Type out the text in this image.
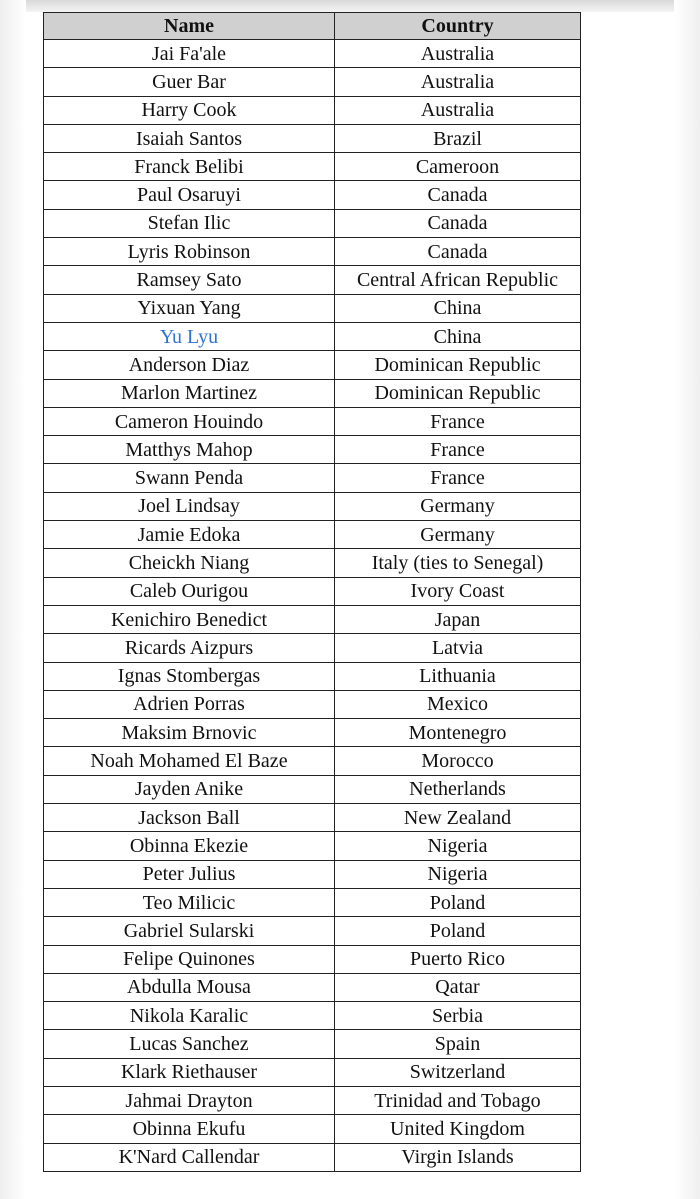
Name	Country
Jai Fa'ale	Australia
Guer Bar	Australia
Harry Cook	Australia
Isaiah Santos	Brazil
Franck Belibi	Cameroon
Paul Osaruyi	Canada
Stefan Ilic	Canada
Lyris Robinson	Canada
Ramsey Sato	Central African Republic
Yixuan Yang	China
Yu Lyu	China
Anderson Diaz	Dominican Republic
Marlon Martinez	Dominican Republic
Cameron Houindo	France
Matthys Mahop	France
Swann Penda	France
Joel Lindsay	Germany
Jamie Edoka	Germany
Cheickh Niang	Italy (ties to Senegal)
Caleb Ourigou	Ivory Coast
Kenichiro Benedict	Japan
Ricards Aizpurs	Latvia
Ignas Stombergas	Lithuania
Adrien Porras	Mexico
Maksim Brnovic	Montenegro
Noah Mohamed El Baze	Morocco
Jayden Anike	Netherlands
Jackson Ball	New Zealand
Obinna Ekezie	Nigeria
Peter Julius	Nigeria
Teo Milicic	Poland
Gabriel Sularski	Poland
Felipe Quinones	Puerto Rico
Abdulla Mousa	Qatar
Nikola Karalic	Serbia
Lucas Sanchez	Spain
Klark Riethauser	Switzerland
Jahmai Drayton	Trinidad and Tobago
Obinna Ekufu	United Kingdom
K'Nard Callendar	Virgin Islands
